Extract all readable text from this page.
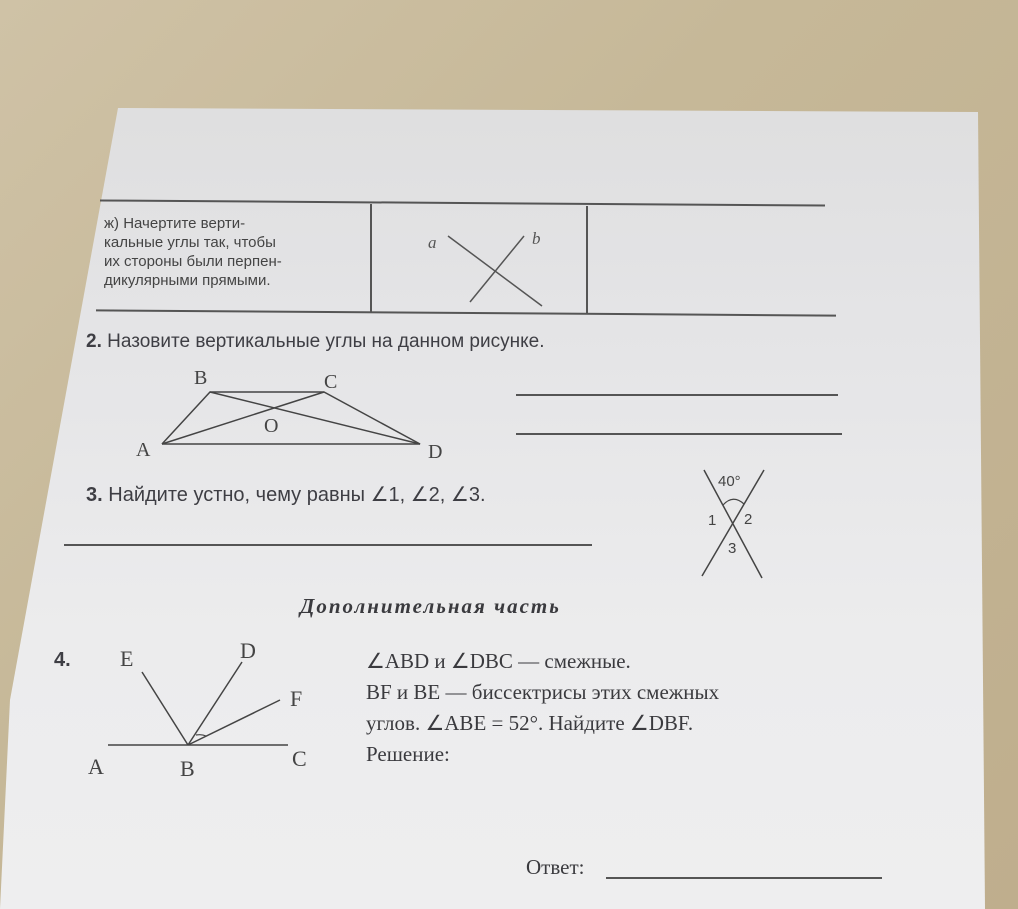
ж) Начертите верти-
кальные углы так, чтобы
их стороны были перпен-
дикулярными прямыми.
a	b
2. Назовите вертикальные углы на данном рисунке.
B	C
O
A	D
3. Найдите устно, чему равны ∠1, ∠2, ∠3.
40°
1 2
3
Дополнительная часть
4. E	D
F
A	B	C
∠ABD и ∠DBC — смежные.
BF и BE — биссектрисы этих смежных
углов. ∠ABE = 52°. Найдите ∠DBF.
Решение:
Ответ:
